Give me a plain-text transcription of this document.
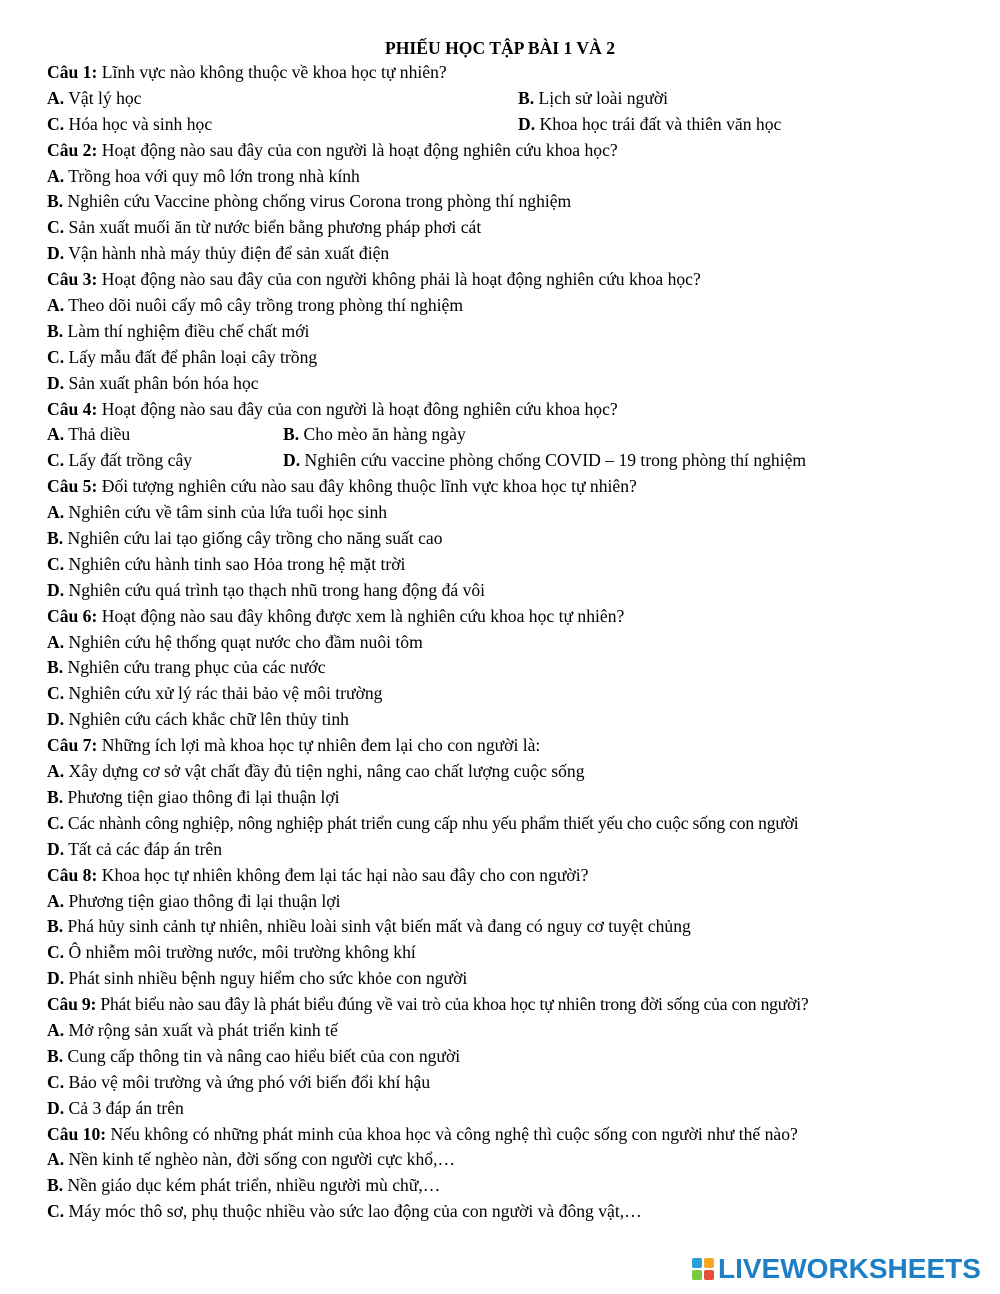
PHIẾU HỌC TẬP BÀI 1 VÀ 2
Câu 1: Lĩnh vực nào không thuộc về khoa học tự nhiên?
A. Vật lý học	B. Lịch sử loài người
C. Hóa học và sinh học	D. Khoa học trái đất và thiên văn học
Câu 2: Hoạt động nào sau đây của con người là hoạt động nghiên cứu khoa học?
A. Trồng hoa với quy mô lớn trong nhà kính
B. Nghiên cứu Vaccine phòng chống virus Corona trong phòng thí nghiệm
C. Sản xuất muối ăn từ nước biển bằng phương pháp phơi cát
D. Vận hành nhà máy thủy điện để sản xuất điện
Câu 3: Hoạt động nào sau đây của con người không phải là hoạt động nghiên cứu khoa học?
A. Theo dõi nuôi cấy mô cây trồng trong phòng thí nghiệm
B. Làm thí nghiệm điều chế chất mới
C. Lấy mẫu đất để phân loại cây trồng
D. Sản xuất phân bón hóa học
Câu 4: Hoạt động nào sau đây của con người là hoạt đông nghiên cứu khoa học?
A. Thả diều	B. Cho mèo ăn hàng ngày
C. Lấy đất trồng cây	D. Nghiên cứu vaccine phòng chống COVID – 19 trong phòng thí nghiệm
Câu 5: Đối tượng nghiên cứu nào sau đây không thuộc lĩnh vực khoa học tự nhiên?
A. Nghiên cứu về tâm sinh của lứa tuổi học sinh
B. Nghiên cứu lai tạo giống cây trồng cho năng suất cao
C. Nghiên cứu hành tinh sao Hỏa trong hệ mặt trời
D. Nghiên cứu quá trình tạo thạch nhũ trong hang động đá vôi
Câu 6: Hoạt động nào sau đây không được xem là nghiên cứu khoa học tự nhiên?
A. Nghiên cứu hệ thống quạt nước cho đầm nuôi tôm
B. Nghiên cứu trang phục của các nước
C. Nghiên cứu xử lý rác thải bảo vệ môi trường
D. Nghiên cứu cách khắc chữ lên thủy tinh
Câu 7: Những ích lợi mà khoa học tự nhiên đem lại cho con người là:
A. Xây dựng cơ sở vật chất đầy đủ tiện nghi, nâng cao chất lượng cuộc sống
B. Phương tiện giao thông đi lại thuận lợi
C. Các nhành công nghiệp, nông nghiệp phát triển cung cấp nhu yếu phẩm thiết yếu cho cuộc sống con người
D. Tất cả các đáp án trên
Câu 8: Khoa học tự nhiên không đem lại tác hại nào sau đây cho con người?
A. Phương tiện giao thông đi lại thuận lợi
B. Phá hủy sinh cảnh tự nhiên, nhiều loài sinh vật biến mất và đang có nguy cơ tuyệt chủng
C. Ô nhiễm môi trường nước, môi trường không khí
D. Phát sinh nhiều bệnh nguy hiểm cho sức khỏe con người
Câu 9: Phát biểu nào sau đây là phát biểu đúng về vai trò của khoa học tự nhiên trong đời sống của con người?
A. Mở rộng sản xuất và phát triển kinh tế
B. Cung cấp thông tin và nâng cao hiểu biết của con người
C. Bảo vệ môi trường và ứng phó với biến đổi khí hậu
D. Cả 3 đáp án trên
Câu 10: Nếu không có những phát minh của khoa học và công nghệ thì cuộc sống con người như thế nào?
A. Nền kinh tế nghèo nàn, đời sống con người cực khổ,…
B. Nền giáo dục kém phát triển, nhiều người mù chữ,…
C. Máy móc thô sơ, phụ thuộc nhiều vào sức lao động của con người và đông vật,…
LIVEWORKSHEETS
